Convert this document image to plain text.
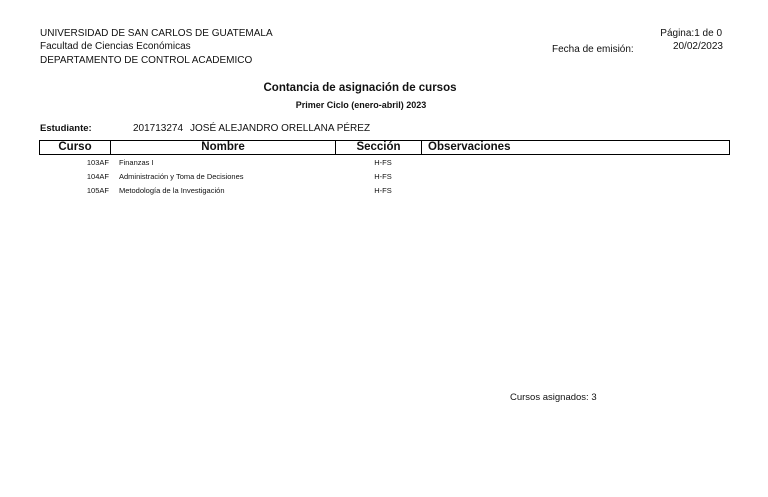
UNIVERSIDAD DE SAN CARLOS DE GUATEMALA
Facultad de Ciencias Económicas
DEPARTAMENTO DE CONTROL ACADEMICO
Página:1 de 0
Fecha de emisión:	20/02/2023
Contancia de asignación de cursos
Primer Ciclo (enero-abril) 2023
Estudiante:	201713274 JOSÉ ALEJANDRO ORELLANA PÉREZ
Curso	Nombre	Sección	Observaciones
103AF Finanzas I	H-FS
104AF Administración y Toma de Decisiones	H-FS
105AF Metodología de la Investigación	H-FS
Cursos asignados: 3
